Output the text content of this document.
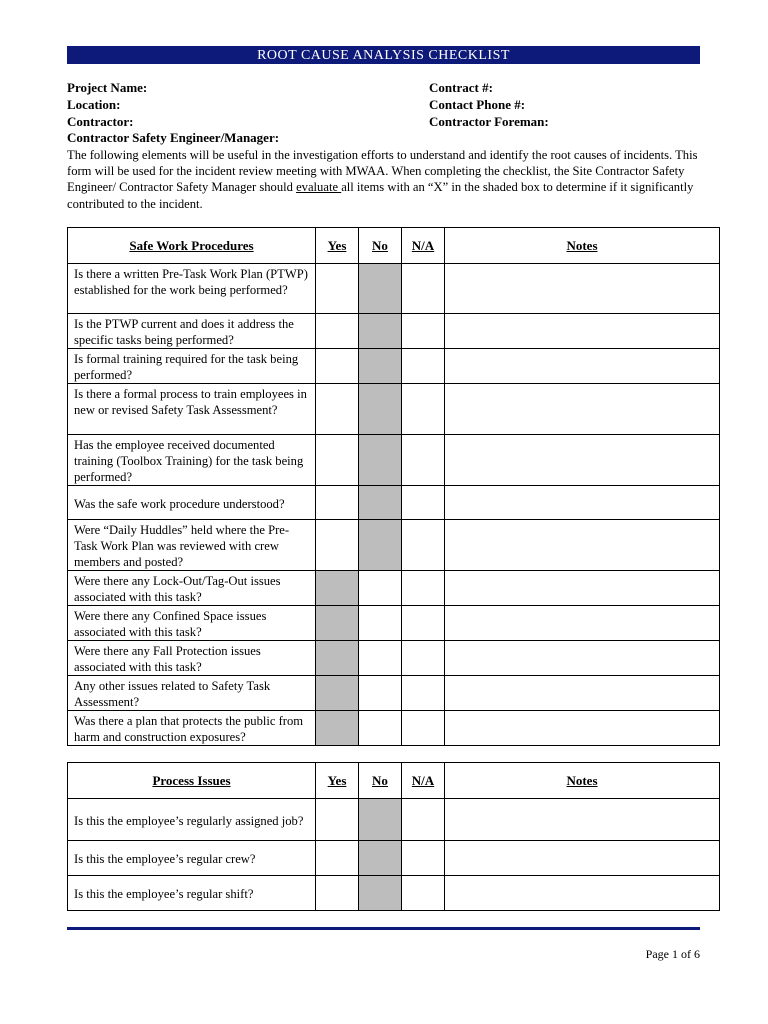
ROOT CAUSE ANALYSIS CHECKLIST
Project Name:
Location:
Contractor:
Contractor Safety Engineer/Manager:
Contract #:
Contact Phone #:
Contractor Foreman:
The following elements will be useful in the investigation efforts to understand and identify the root causes of incidents. This form will be used for the incident review meeting with MWAA. When completing the checklist, the Site Contractor Safety Engineer/ Contractor Safety Manager should evaluate all items with an “X” in the shaded box to determine if it significantly contributed to the incident.
Safe Work Procedures	Yes	No	N/A	Notes
Is there a written Pre-Task Work Plan (PTWP) established for the work being performed?				
Is the PTWP current and does it address the specific tasks being performed?				
Is formal training required for the task being performed?				
Is there a formal process to train employees in new or revised Safety Task Assessment?				
Has the employee received documented training (Toolbox Training) for the task being performed?				
Was the safe work procedure understood?				
Were “Daily Huddles” held where the Pre-Task Work Plan was reviewed with crew members and posted?				
Were there any Lock-Out/Tag-Out issues associated with this task?				
Were there any Confined Space issues associated with this task?				
Were there any Fall Protection issues associated with this task?				
Any other issues related to Safety Task Assessment?				
Was there a plan that protects the public from harm and construction exposures?				
Process Issues	Yes	No	N/A	Notes
Is this the employee’s regularly assigned job?				
Is this the employee’s regular crew?				
Is this the employee’s regular shift?				
Page 1 of 6
